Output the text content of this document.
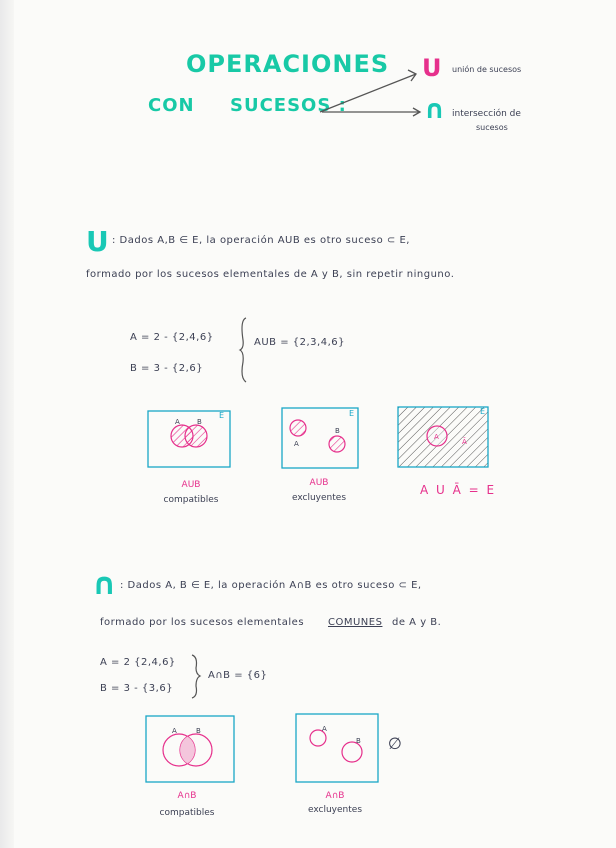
OPERACIONES
CON SUCESOS :
U unión de sucesos
∩ intersección de
sucesos
U : Dados A,B ∈ E, la operación AUB es otro suceso ⊂ E,
formado por los sucesos elementales de A y B, sin repetir ninguno.
A = 2 - {2,4,6}
B = 3 - {2,6}
AUB = {2,3,4,6}
AUB
compatibles
AUB
excluyentes
A U Ā = E
∩ : Dados A, B ∈ E, la operación A∩B es otro suceso ⊂ E,
formado por los sucesos elementales COMUNES de A y B.
A = 2 {2,4,6}
B = 3 - {3,6}
A∩B = {6}
A∩B
compatibles
A∩B
excluyentes
A B
E
A
B
E
A
Ā
E
A	B	A
B ∅
